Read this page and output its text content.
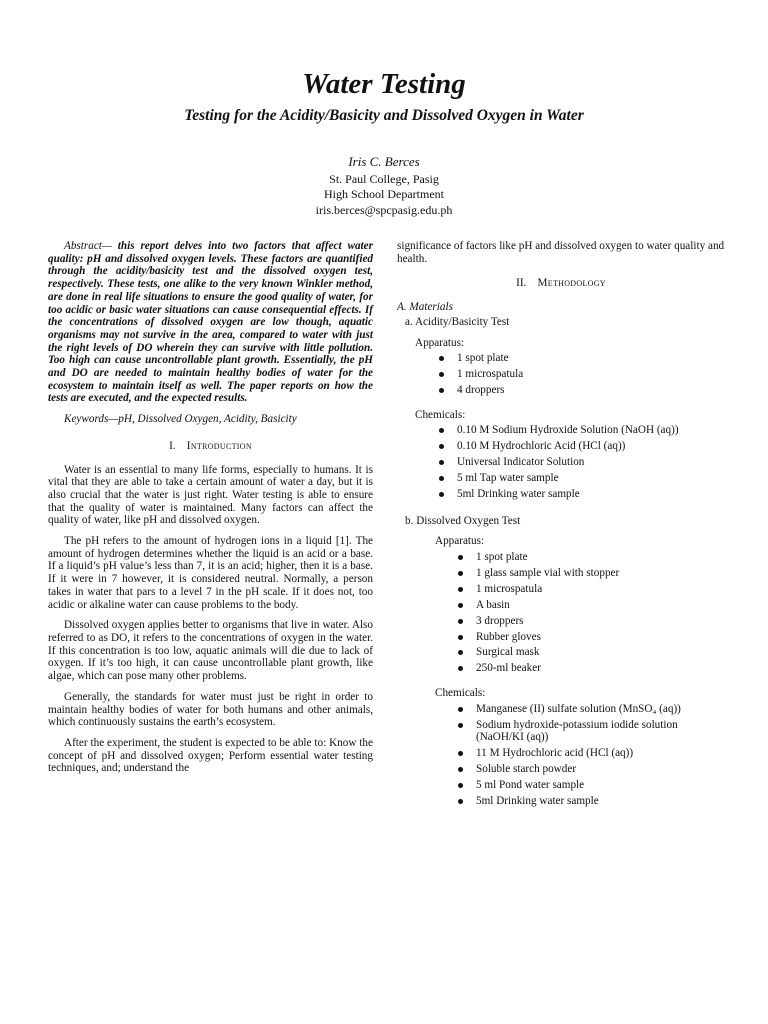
Water Testing
Testing for the Acidity/Basicity and Dissolved Oxygen in Water
Iris C. Berces
St. Paul College, Pasig
High School Department
iris.berces@spcpasig.edu.ph

Abstract— this report delves into two factors that affect water quality: pH and dissolved oxygen levels. These factors are quantified through the acidity/basicity test and the dissolved oxygen test, respectively. These tests, one alike to the very known Winkler method, are done in real life situations to ensure the good quality of water, for too acidic or basic water situations can cause consequential effects. If the concentrations of dissolved oxygen are low though, aquatic organisms may not survive in the area, compared to water with just the right levels of DO wherein they can survive with little pollution. Too high can cause uncontrollable plant growth. Essentially, the pH and DO are needed to maintain healthy bodies of water for the ecosystem to maintain itself as well. The paper reports on how the tests are executed, and the expected results.

Keywords—pH, Dissolved Oxygen, Acidity, Basicity

I. Introduction

Water is an essential to many life forms, especially to humans. It is vital that they are able to take a certain amount of water a day, but it is also crucial that the water is just right. Water testing is able to ensure that the quality of water is maintained. Many factors can affect the quality of water, like pH and dissolved oxygen.

The pH refers to the amount of hydrogen ions in a liquid [1]. The amount of hydrogen determines whether the liquid is an acid or a base. If a liquid’s pH value’s less than 7, it is an acid; higher, then it is a base. If it were in 7 however, it is considered neutral. Normally, a person takes in water that pars to a level 7 in the pH scale. If it does not, too acidic or alkaline water can cause problems to the body.

Dissolved oxygen applies better to organisms that live in water. Also referred to as DO, it refers to the concentrations of oxygen in the water. If this concentration is too low, aquatic animals will die due to lack of oxygen. If it’s too high, it can cause uncontrollable plant growth, like algae, which can pose many other problems.

Generally, the standards for water must just be right in order to maintain healthy bodies of water for both humans and other animals, which continuously sustains the earth’s ecosystem.

After the experiment, the student is expected to be able to: Know the concept of pH and dissolved oxygen; Perform essential water testing techniques, and; understand the

significance of factors like pH and dissolved oxygen to water quality and health.

II. Methodology
A. Materials
a. Acidity/Basicity Test
Apparatus:
1 spot plate
1 microspatula
4 droppers
Chemicals:
0.10 M Sodium Hydroxide Solution (NaOH (aq))
0.10 M Hydrochloric Acid (HCl (aq))
Universal Indicator Solution
5 ml Tap water sample
5ml Drinking water sample
b. Dissolved Oxygen Test
Apparatus:
1 spot plate
1 glass sample vial with stopper
1 microspatula
A basin
3 droppers
Rubber gloves
Surgical mask
250-ml beaker
Chemicals:
Manganese (II) sulfate solution (MnSO₄ (aq))
Sodium hydroxide-potassium iodide solution (NaOH/KI (aq))
11 M Hydrochloric acid (HCl (aq))
Soluble starch powder
5 ml Pond water sample
5ml Drinking water sample
